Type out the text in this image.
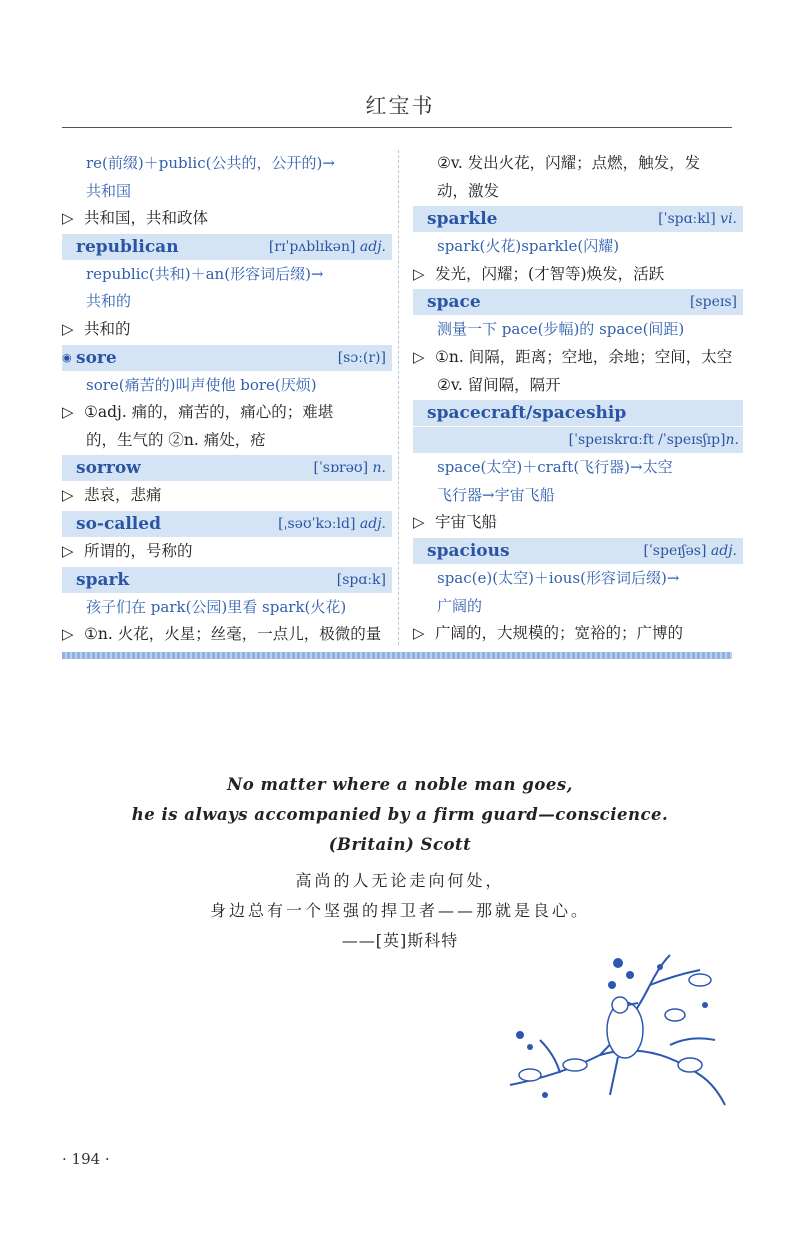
红宝书
re(前缀)＋public(公共的，公开的)→
共和国
▷ 共和国，共和政体
republican	[rɪˈpʌblɪkən] adj.
republic(共和)＋an(形容词后缀)→
共和的
▷ 共和的
◉ sore	[sɔː(r)]
sore(痛苦的)叫声使他 bore(厌烦)
▷ ①adj. 痛的，痛苦的，痛心的；难堪
的，生气的 ②n. 痛处，疮
sorrow	[ˈsɒrəʊ] n.
▷ 悲哀，悲痛
so-called	[ˌsəʊˈkɔːld] adj.
▷ 所谓的，号称的
spark	[spɑːk]
孩子们在 park(公园)里看 spark(火花)
▷ ①n. 火花，火星；丝毫，一点儿，极微的量
②v. 发出火花，闪耀；点燃，触发，发
动，激发
sparkle	[ˈspɑːkl] vi.
spark(火花)sparkle(闪耀)
▷ 发光，闪耀；(才智等)焕发，活跃
space	[speɪs]
测量一下 pace(步幅)的 space(间距)
▷ ①n. 间隔，距离；空地，余地；空间，太空
②v. 留间隔，隔开
spacecraft/spaceship
[ˈspeɪskrɑːft /ˈspeɪsʃɪp]n.
space(太空)＋craft(飞行器)→太空
飞行器→宇宙飞船
▷ 宇宙飞船
spacious	[ˈspeɪʃəs] adj.
spac(e)(太空)＋ious(形容词后缀)→
广阔的
▷ 广阔的，大规模的；宽裕的；广博的
No matter where a noble man goes,
he is always accompanied by a firm guard—conscience.
(Britain) Scott
高尚的人无论走向何处，
身边总有一个坚强的捍卫者——那就是良心。
——[英]斯科特
· 194 ·
